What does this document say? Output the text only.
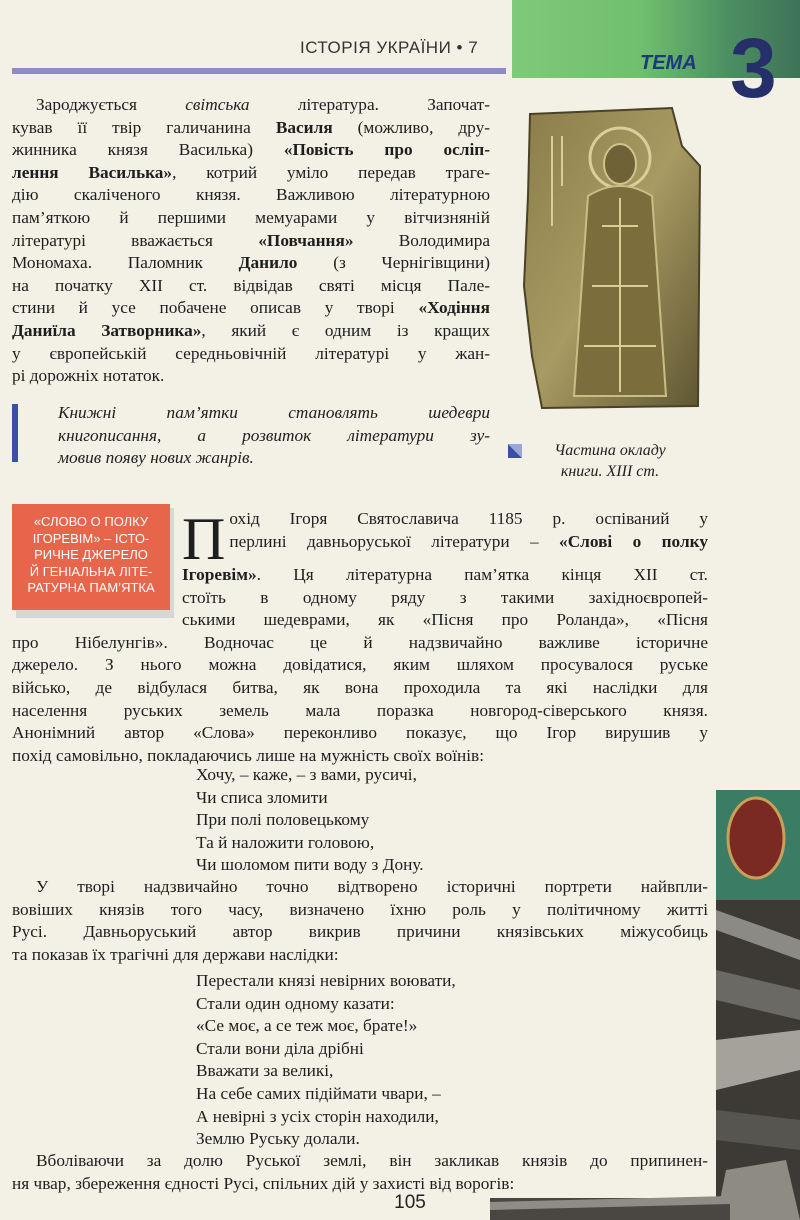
ІСТОРІЯ УКРАЇНИ • 7
ТЕМА 3
Зароджується світська література. Започат-
кував її твір галичанина Василя (можливо, дру-
жинника князя Василька) «Повість про осліп-
лення Василька», котрий уміло передав траге-
дію скаліченого князя. Важливою літературною
пам’яткою й першими мемуарами у вітчизняній
літературі вважається «Повчання» Володимира
Мономаха. Паломник Данило (з Чернігівщини)
на початку XII ст. відвідав святі місця Пале-
стини й усе побачене описав у творі «Ходіння
Даниїла Затворника», який є одним із кращих
у європейській середньовічній літературі у жан-
рі дорожніх нотаток.
Книжні пам’ятки становлять шедеври
книгописання, а розвиток літератури зу-
мовив появу нових жанрів.	Частина окладу
книги. XIII ст.
«СЛОВО О ПОЛКУ
ІГОРЕВІМ» – ІСТО-
РИЧНЕ ДЖЕРЕЛО
Й ГЕНІАЛЬНА ЛІТЕ-
РАТУРНА ПАМ’ЯТКА
П охід Ігоря Святославича 1185 р. оспіваний у
перлині давньоруської літератури – «Слові о полку
Ігоревім». Ця літературна пам’ятка кінця XII ст.
стоїть в одному ряду з такими західноєвропей-
ськими шедеврами, як «Пісня про Роланда», «Пісня
про Нібелунгів». Водночас це й надзвичайно важливе історичне
джерело. З нього можна довідатися, яким шляхом просувалося руське
військо, де відбулася битва, як вона проходила та які наслідки для
населення руських земель мала поразка новгород-сіверського князя.
Анонімний автор «Слова» переконливо показує, що Ігор вирушив у
похід самовільно, покладаючись лише на мужність своїх воїнів:
Хочу, – каже, – з вами, русичі,
Чи списа зломити
При полі половецькому
Та й наложити головою,
Чи шоломом пити воду з Дону.
У творі надзвичайно точно відтворено історичні портрети найвпли-
вовіших князів того часу, визначено їхню роль у політичному житті
Русі. Давньоруський автор викрив причини князівських міжусобиць
та показав їх трагічні для держави наслідки:
Перестали князі невірних воювати,
Стали один одному казати:
«Се моє, а се теж моє, брате!»
Стали вони діла дрібні
Вважати за великі,
На себе самих підіймати чвари, –
А невірні з усіх сторін находили,
Землю Руську долали.
Вболіваючи за долю Руської землі, він закликав князів до припинен-
ня чвар, збереження єдності Русі, спільних дій у захисті від ворогів:
105
